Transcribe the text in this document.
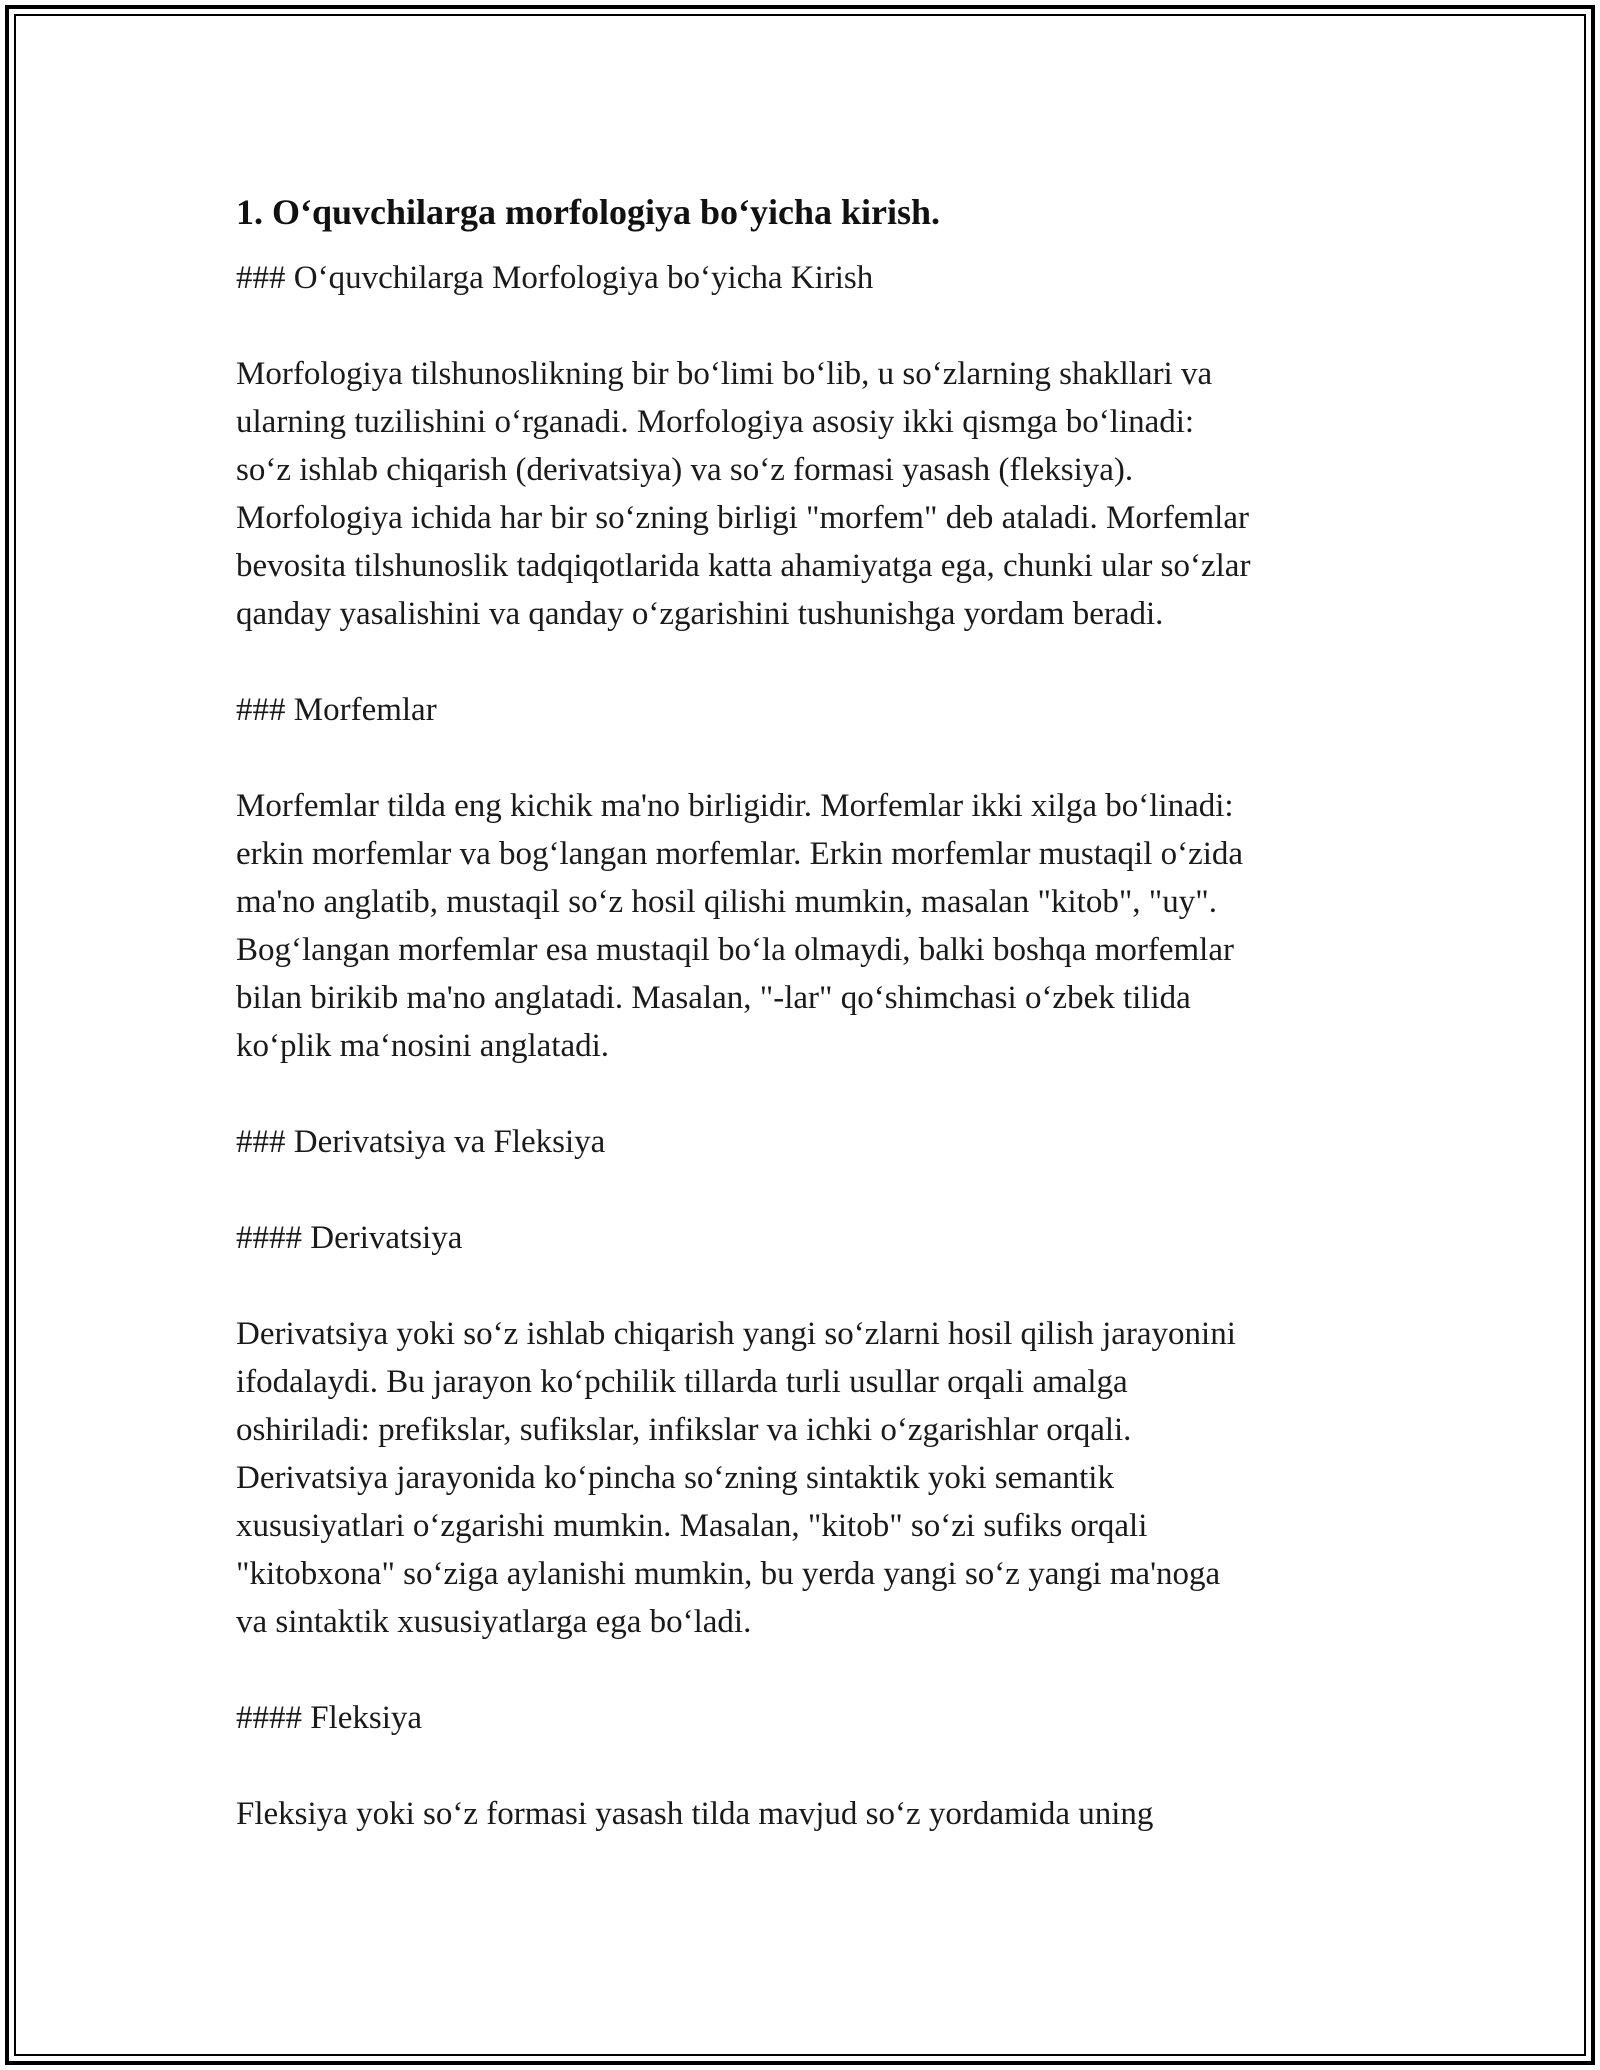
1. O‘quvchilarga morfologiya bo‘yicha kirish.

### O‘quvchilarga Morfologiya bo‘yicha Kirish

Morfologiya tilshunoslikning bir bo‘limi bo‘lib, u so‘zlarning shakllari va

ularning tuzilishini o‘rganadi. Morfologiya asosiy ikki qismga bo‘linadi:

so‘z ishlab chiqarish (derivatsiya) va so‘z formasi yasash (fleksiya).

Morfologiya ichida har bir so‘zning birligi "morfem" deb ataladi. Morfemlar

bevosita tilshunoslik tadqiqotlarida katta ahamiyatga ega, chunki ular so‘zlar

qanday yasalishini va qanday o‘zgarishini tushunishga yordam beradi.

### Morfemlar

Morfemlar tilda eng kichik ma'no birligidir. Morfemlar ikki xilga bo‘linadi:

erkin morfemlar va bog‘langan morfemlar. Erkin morfemlar mustaqil o‘zida

ma'no anglatib, mustaqil so‘z hosil qilishi mumkin, masalan "kitob", "uy".

Bog‘langan morfemlar esa mustaqil bo‘la olmaydi, balki boshqa morfemlar

bilan birikib ma'no anglatadi. Masalan, "-lar" qo‘shimchasi o‘zbek tilida

ko‘plik ma‘nosini anglatadi.

### Derivatsiya va Fleksiya

#### Derivatsiya

Derivatsiya yoki so‘z ishlab chiqarish yangi so‘zlarni hosil qilish jarayonini

ifodalaydi. Bu jarayon ko‘pchilik tillarda turli usullar orqali amalga

oshiriladi: prefikslar, sufikslar, infikslar va ichki o‘zgarishlar orqali.

Derivatsiya jarayonida ko‘pincha so‘zning sintaktik yoki semantik

xususiyatlari o‘zgarishi mumkin. Masalan, "kitob" so‘zi sufiks orqali

"kitobxona" so‘ziga aylanishi mumkin, bu yerda yangi so‘z yangi ma'noga

va sintaktik xususiyatlarga ega bo‘ladi.

#### Fleksiya

Fleksiya yoki so‘z formasi yasash tilda mavjud so‘z yordamida uning
